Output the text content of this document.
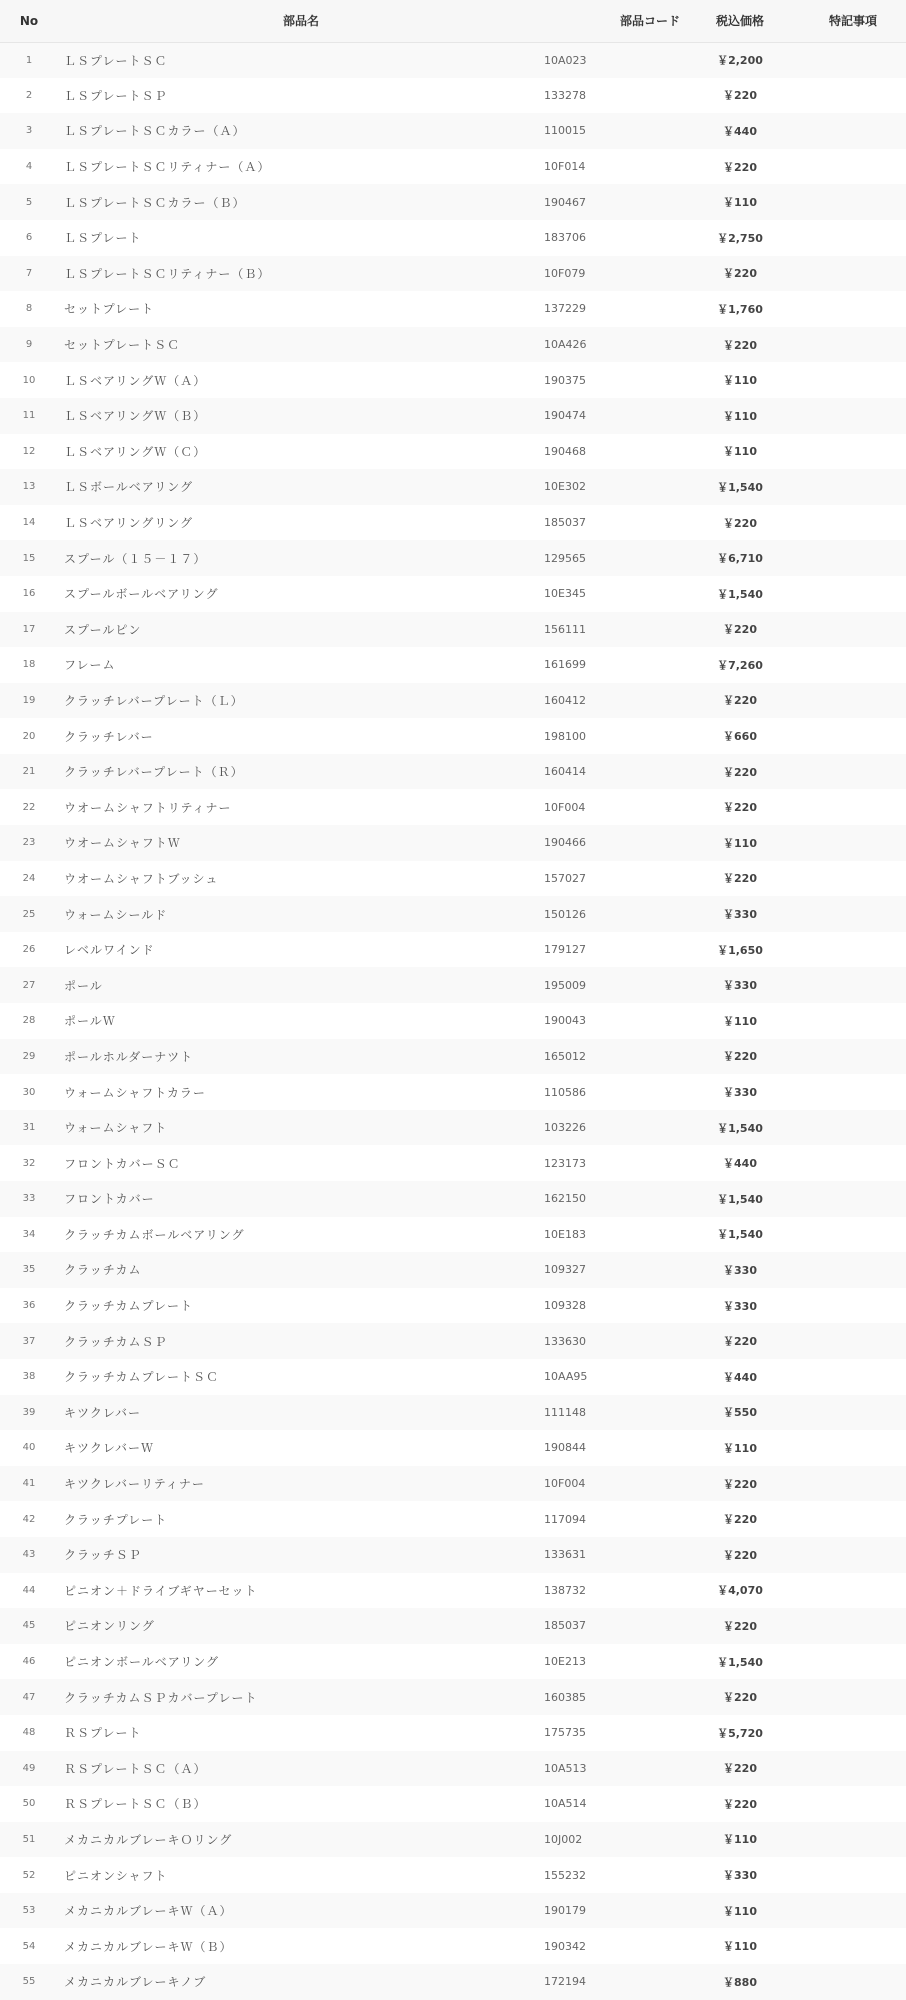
No	部品名	部品コード	税込価格	特記事項
1	ＬＳプレートＳＣ	10A023	￥2,200	
2	ＬＳプレートＳＰ	133278	￥220	
3	ＬＳプレートＳＣカラー（Ａ）	110015	￥440	
4	ＬＳプレートＳＣリティナー（Ａ）	10F014	￥220	
5	ＬＳプレートＳＣカラー（Ｂ）	190467	￥110	
6	ＬＳプレート	183706	￥2,750	
7	ＬＳプレートＳＣリティナー（Ｂ）	10F079	￥220	
8	セットプレート	137229	￥1,760	
9	セットプレートＳＣ	10A426	￥220	
10	ＬＳベアリングＷ（Ａ）	190375	￥110	
11	ＬＳベアリングＷ（Ｂ）	190474	￥110	
12	ＬＳベアリングＷ（Ｃ）	190468	￥110	
13	ＬＳボールベアリング	10E302	￥1,540	
14	ＬＳベアリングリング	185037	￥220	
15	スプール（１５－１７）	129565	￥6,710	
16	スプールボールベアリング	10E345	￥1,540	
17	スプールピン	156111	￥220	
18	フレーム	161699	￥7,260	
19	クラッチレバープレート（Ｌ）	160412	￥220	
20	クラッチレバー	198100	￥660	
21	クラッチレバープレート（Ｒ）	160414	￥220	
22	ウオームシャフトリティナー	10F004	￥220	
23	ウオームシャフトＷ	190466	￥110	
24	ウオームシャフトブッシュ	157027	￥220	
25	ウォームシールド	150126	￥330	
26	レベルワインド	179127	￥1,650	
27	ポール	195009	￥330	
28	ポールＷ	190043	￥110	
29	ポールホルダーナツト	165012	￥220	
30	ウォームシャフトカラー	110586	￥330	
31	ウォームシャフト	103226	￥1,540	
32	フロントカバーＳＣ	123173	￥440	
33	フロントカバー	162150	￥1,540	
34	クラッチカムボールベアリング	10E183	￥1,540	
35	クラッチカム	109327	￥330	
36	クラッチカムプレート	109328	￥330	
37	クラッチカムＳＰ	133630	￥220	
38	クラッチカムプレートＳＣ	10AA95	￥440	
39	キツクレバー	111148	￥550	
40	キツクレバーＷ	190844	￥110	
41	キツクレバーリティナー	10F004	￥220	
42	クラッチプレート	117094	￥220	
43	クラッチＳＰ	133631	￥220	
44	ピニオン＋ドライブギヤーセット	138732	￥4,070	
45	ピニオンリング	185037	￥220	
46	ピニオンボールベアリング	10E213	￥1,540	
47	クラッチカムＳＰカバープレート	160385	￥220	
48	ＲＳプレート	175735	￥5,720	
49	ＲＳプレートＳＣ（Ａ）	10A513	￥220	
50	ＲＳプレートＳＣ（Ｂ）	10A514	￥220	
51	メカニカルブレーキＯリング	10J002	￥110	
52	ピニオンシャフト	155232	￥330	
53	メカニカルブレーキＷ（Ａ）	190179	￥110	
54	メカニカルブレーキＷ（Ｂ）	190342	￥110	
55	メカニカルブレーキノブ	172194	￥880	
